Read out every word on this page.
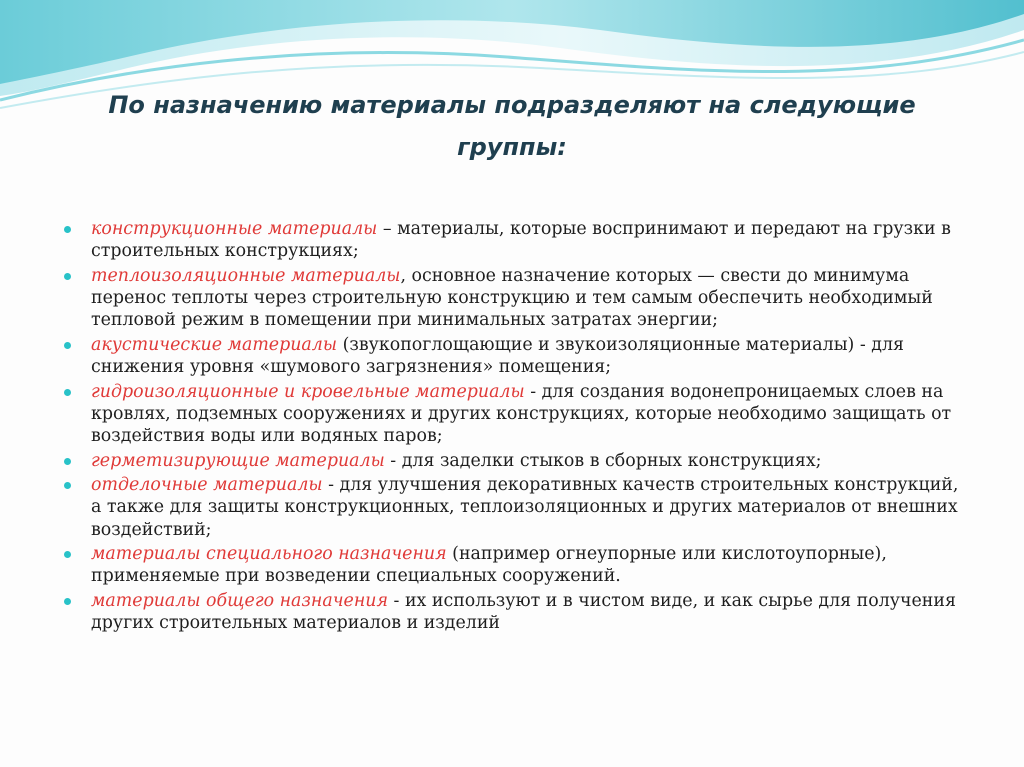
По назначению материалы подразделяют на следующие группы:
конструкционные материалы – материалы, которые воспринимают и передают на грузки в строительных конструкциях;
теплоизоляционные материалы, основное назначение которых — свести до минимума перенос теплоты через строительную конструкцию и тем самым обеспечить необходимый тепловой режим в помещении при минимальных затратах энергии;
акустические материалы (звукопоглощающие и звукоизоляционные материалы) - для снижения уровня «шумового загрязнения» помещения;
гидроизоляционные и кровельные материалы - для создания водонепроницаемых слоев на кровлях, подземных сооружениях и других конструкциях, которые необходимо защищать от воздействия воды или водяных паров;
герметизирующие материалы - для заделки стыков в сборных конструкциях;
отделочные материалы - для улучшения декоративных качеств строительных конструкций, а также для защиты конструкционных, теплоизоляционных и других материалов от внешних воздействий;
материалы специального назначения (например огнеупорные или кислотоупорные), применяемые при возведении специальных сооружений.
материалы общего назначения - их используют и в чистом виде, и как сырье для получения других строительных материалов и изделий
